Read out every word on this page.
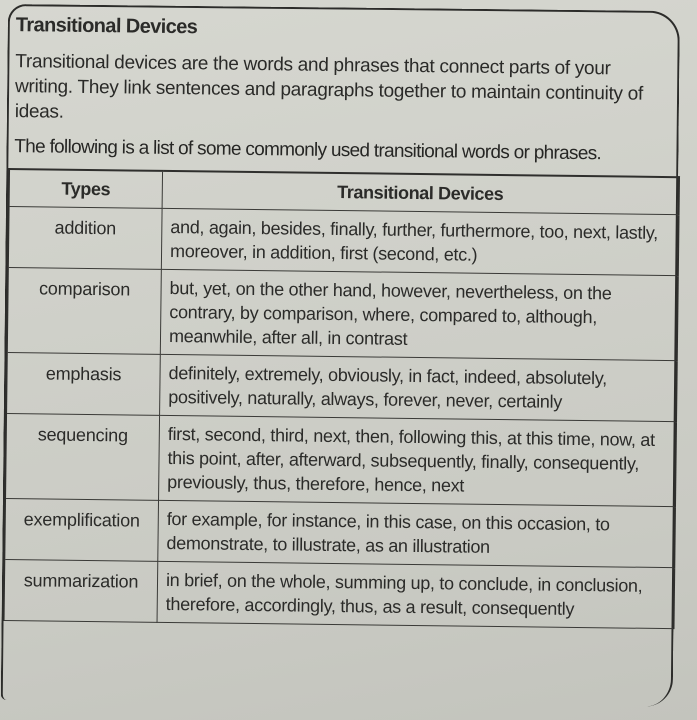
Transitional Devices
Transitional devices are the words and phrases that connect parts of your writing. They link sentences and paragraphs together to maintain continuity of ideas.
The following is a list of some commonly used transitional words or phrases.
Types	Transitional Devices
addition	and, again, besides, finally, further, furthermore, too, next, lastly, moreover, in addition, first (second, etc.)
comparison	but, yet, on the other hand, however, nevertheless, on the contrary, by comparison, where, compared to, although, meanwhile, after all, in contrast
emphasis	definitely, extremely, obviously, in fact, indeed, absolutely, positively, naturally, always, forever, never, certainly
sequencing	first, second, third, next, then, following this, at this time, now, at this point, after, afterward, subsequently, finally, consequently, previously, thus, therefore, hence, next
exemplification	for example, for instance, in this case, on this occasion, to demonstrate, to illustrate, as an illustration
summarization	in brief, on the whole, summing up, to conclude, in conclusion, therefore, accordingly, thus, as a result, consequently
